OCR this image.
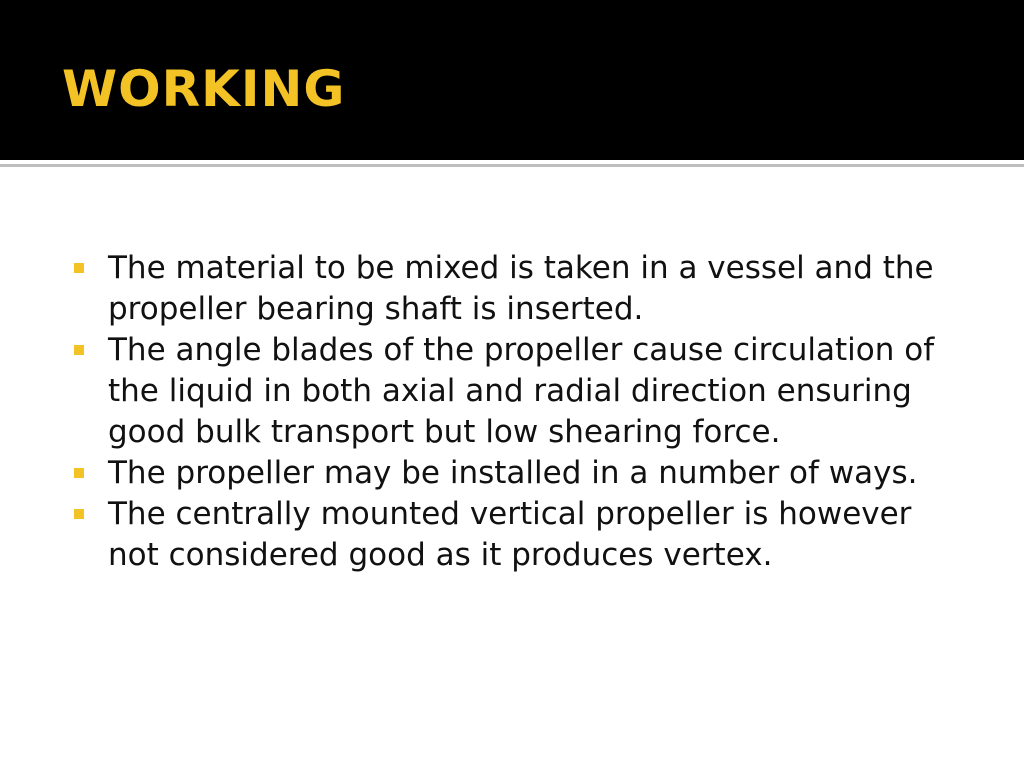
WORKING
The material to be mixed is taken in a vessel and the propeller bearing shaft is inserted.
The angle blades of the propeller cause circulation of the liquid in both axial and radial direction ensuring good bulk transport but low shearing force.
The propeller may be installed in a number of ways.
The centrally mounted vertical propeller is however not considered good as it produces vertex.
